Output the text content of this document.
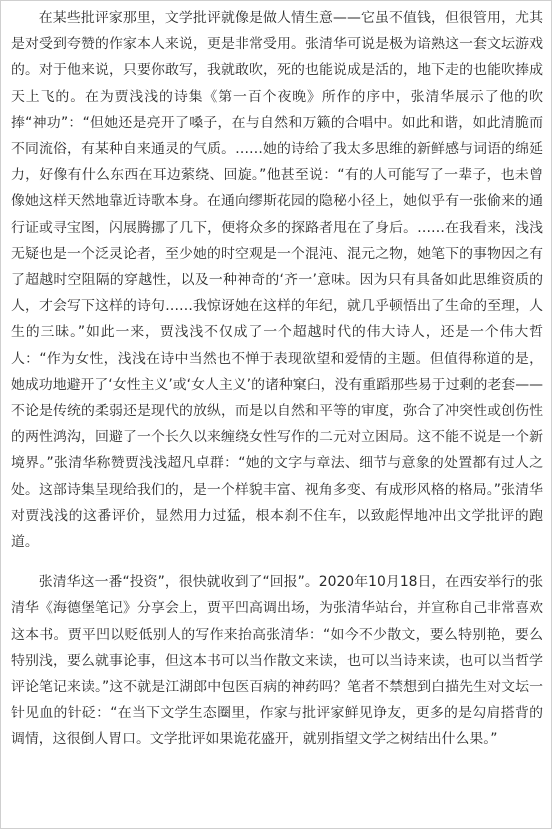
在某些批评家那里，文学批评就像是做人情生意——它虽不值钱，但很管用，尤其是对受到夸赞的作家本人来说，更是非常受用。张清华可说是极为谙熟这一套文坛游戏的。对于他来说，只要你敢写，我就敢吹，死的也能说成是活的，地下走的也能吹捧成天上飞的。在为贾浅浅的诗集《第一百个夜晚》所作的序中，张清华展示了他的吹捧“神功”：“但她还是亮开了嗓子，在与自然和万籁的合唱中。如此和谐，如此清脆而不同流俗，有某种自来通灵的气质。……她的诗给了我太多思维的新鲜感与词语的绵延力，好像有什么东西在耳边萦绕、回旋。”他甚至说：“有的人可能写了一辈子，也未曾像她这样天然地靠近诗歌本身。在通向缪斯花园的隐秘小径上，她似乎有一张偷来的通行证或寻宝图，闪展腾挪了几下，便将众多的探路者甩在了身后。……在我看来，浅浅无疑也是一个泛灵论者，至少她的时空观是一个混沌、混元之物，她笔下的事物因之有了超越时空阻隔的穿越性，以及一种神奇的‘齐一’意味。因为只有具备如此思维资质的人，才会写下这样的诗句……我惊讶她在这样的年纪，就几乎顿悟出了生命的至理，人生的三昧。”如此一来，贾浅浅不仅成了一个超越时代的伟大诗人，还是一个伟大哲人：“作为女性，浅浅在诗中当然也不惮于表现欲望和爱情的主题。但值得称道的是，她成功地避开了‘女性主义’或‘女人主义’的诸种窠臼，没有重蹈那些易于过剩的老套——不论是传统的柔弱还是现代的放纵，而是以自然和平等的审度，弥合了冲突性或创伤性的两性鸿沟，回避了一个长久以来缠绕女性写作的二元对立困局。这不能不说是一个新境界。”张清华称赞贾浅浅超凡卓群：“她的文字与章法、细节与意象的处置都有过人之处。这部诗集呈现给我们的，是一个样貌丰富、视角多变、有成形风格的格局。”张清华对贾浅浅的这番评价，显然用力过猛，根本刹不住车，以致彪悍地冲出文学批评的跑道。

张清华这一番“投资”，很快就收到了“回报”。2020年10月18日，在西安举行的张清华《海德堡笔记》分享会上，贾平凹高调出场，为张清华站台，并宣称自己非常喜欢这本书。贾平凹以贬低别人的写作来抬高张清华：“如今不少散文，要么特别艳，要么特别浅，要么就事论事，但这本书可以当作散文来读，也可以当诗来读，也可以当哲学评论笔记来读。”这不就是江湖郎中包医百病的神药吗？笔者不禁想到白描先生对文坛一针见血的针砭：“在当下文学生态圈里，作家与批评家鲜见诤友，更多的是勾肩搭背的调情，这很倒人胃口。文学批评如果诡花盛开，就别指望文学之树结出什么果。”
